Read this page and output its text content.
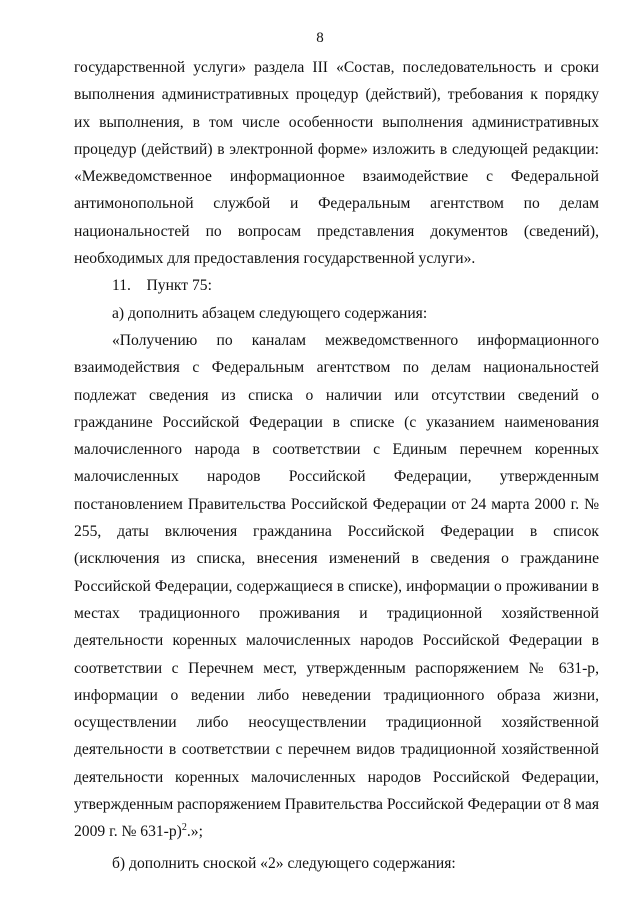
8

государственной услуги» раздела III «Состав, последовательность и сроки выполнения административных процедур (действий), требования к порядку их выполнения, в том числе особенности выполнения административных процедур (действий) в электронной форме» изложить в следующей редакции: «Межведомственное информационное взаимодействие с Федеральной антимонопольной службой и Федеральным агентством по делам национальностей по вопросам представления документов (сведений), необходимых для предоставления государственной услуги».

11. Пункт 75:

а) дополнить абзацем следующего содержания:

«Получению по каналам межведомственного информационного взаимодействия с Федеральным агентством по делам национальностей подлежат сведения из списка о наличии или отсутствии сведений о гражданине Российской Федерации в списке (с указанием наименования малочисленного народа в соответствии с Единым перечнем коренных малочисленных народов Российской Федерации, утвержденным постановлением Правительства Российской Федерации от 24 марта 2000 г. № 255, даты включения гражданина Российской Федерации в список (исключения из списка, внесения изменений в сведения о гражданине Российской Федерации, содержащиеся в списке), информации о проживании в местах традиционного проживания и традиционной хозяйственной деятельности коренных малочисленных народов Российской Федерации в соответствии с Перечнем мест, утвержденным распоряжением № 631-р, информации о ведении либо неведении традиционного образа жизни, осуществлении либо неосуществлении традиционной хозяйственной деятельности в соответствии с перечнем видов традиционной хозяйственной деятельности коренных малочисленных народов Российской Федерации, утвержденным распоряжением Правительства Российской Федерации от 8 мая 2009 г. № 631-р)$^2$.»;

б) дополнить сноской «2» следующего содержания:
